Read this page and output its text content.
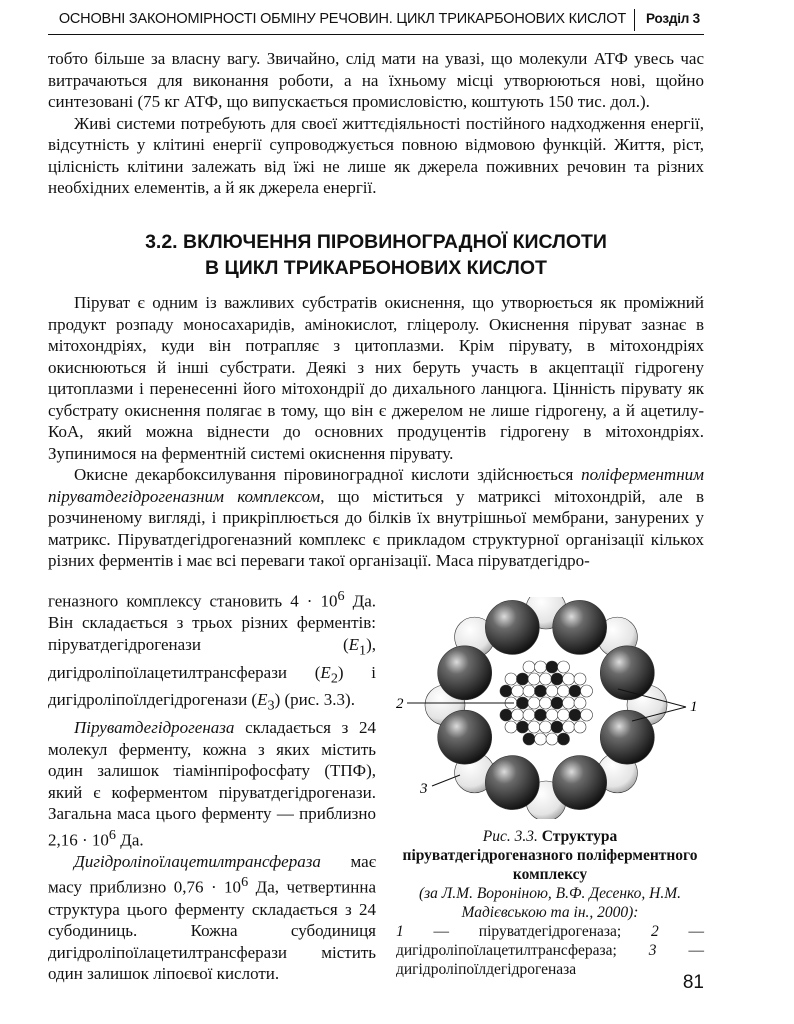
ОСНОВНІ ЗАКОНОМІРНОСТІ ОБМІНУ РЕЧОВИН. ЦИКЛ ТРИКАРБОНОВИХ КИСЛОТ Розділ 3

тобто більше за власну вагу. Звичайно, слід мати на увазі, що молекули АТФ увесь час витрачаються для виконання роботи, а на їхньому місці утворюються нові, щойно синтезовані (75 кг АТФ, що випускається промисловістю, коштують 150 тис. дол.).

Живі системи потребують для своєї життєдіяльності постійного надходження енергії, відсутність у клітині енергії супроводжується повною відмовою функцій. Життя, ріст, цілісність клітини залежать від їжі не лише як джерела поживних речовин та різних необхідних елементів, а й як джерела енергії.

3.2. ВКЛЮЧЕННЯ ПІРОВИНОГРАДНОЇ КИСЛОТИ
В ЦИКЛ ТРИКАРБОНОВИХ КИСЛОТ

Піруват є одним із важливих субстратів окиснення, що утворюється як проміжний продукт розпаду моносахаридів, амінокислот, гліцеролу. Окиснення піруват зазнає в мітохондріях, куди він потрапляє з цитоплазми. Крім пірувату, в мітохондріях окиснюються й інші субстрати. Деякі з них беруть участь в акцептації гідрогену цитоплазми і перенесенні його мітохондрії до дихального ланцюга. Цінність пірувату як субстрату окиснення полягає в тому, що він є джерелом не лише гідрогену, а й ацетилу-КоА, який можна віднести до основних продуцентів гідрогену в мітохондріях. Зупинимося на ферментній системі окиснення пірувату.

Окисне декарбоксилування піровиноградної кислоти здійснюється поліферментним піруватдегідрогеназним комплексом, що міститься у матриксі мітохондрій, але в розчиненому вигляді, і прикріплюється до білків їх внутрішньої мембрани, занурених у матрикс. Піруватдегідрогеназний комплекс є прикладом структурної організації кількох різних ферментів і має всі переваги такої організації. Маса піруватдегідро-

геназного комплексу становить $4 \cdot 10^6$ Да. Він складається з трьох різних ферментів: піруватдегідрогенази $(E_1)$, дигідроліпоїлацетилтрансферази $(E_2)$ і дигідроліпоїлдегідрогенази $(E_3)$ (рис. 3.3).

Піруватдегідрогеназа складається з 24 молекул ферменту, кожна з яких містить один залишок тіамінпірофосфату (ТПФ), який є коферментом піруватдегідрогенази. Загальна маса цього ферменту — приблизно $2,16 \cdot 10^6$ Да.

Дигідроліпоїлацетилтрансфераза має масу приблизно $0,76 \cdot 10^6$ Да, четвертинна структура цього ферменту складається з 24 субодиниць. Кожна субодиниця дигідроліпоїлацетилтрансферази містить один залишок ліпоєвої кислоти.

2	1
3
Рис. 3.3. Структура піруватдегідрогеназного поліферментного комплексу
(за Л.М. Вороніною, В.Ф. Десенко, Н.М. Мадієвською та ін., 2000):
1 — піруватдегідрогеназа; 2 — дигідроліпоїлацетилтрансфераза; 3 — дигідроліпоїлдегідрогеназа
81
